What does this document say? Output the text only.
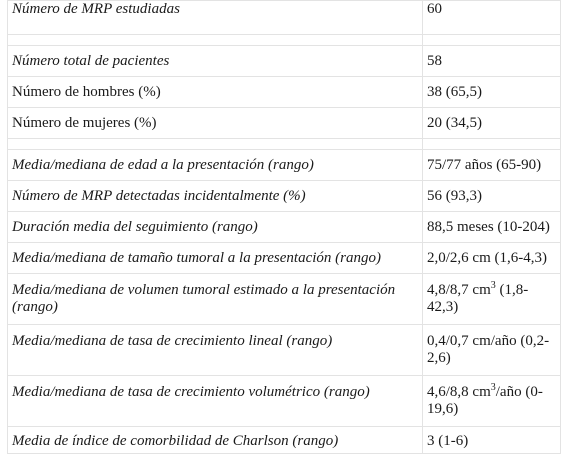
Número de MRP estudiadas	60

Número total de pacientes	58
Número de hombres (%)	38 (65,5)
Número de mujeres (%)	20 (34,5)

Media/mediana de edad a la presentación (rango)	75/77 años (65-90)
Número de MRP detectadas incidentalmente (%)	56 (93,3)
Duración media del seguimiento (rango)	88,5 meses (10-204)
Media/mediana de tamaño tumoral a la presentación (rango)	2,0/2,6 cm (1,6-4,3)
Media/mediana de volumen tumoral estimado a la presentación (rango)	4,8/8,7 $cm^3$ (1,8-42,3)
Media/mediana de tasa de crecimiento lineal (rango)	0,4/0,7 cm/año (0,2-2,6)
Media/mediana de tasa de crecimiento volumétrico (rango)	4,6/8,8 $cm^3$/año (0-19,6)
Media de índice de comorbilidad de Charlson (rango)	3 (1-6)
